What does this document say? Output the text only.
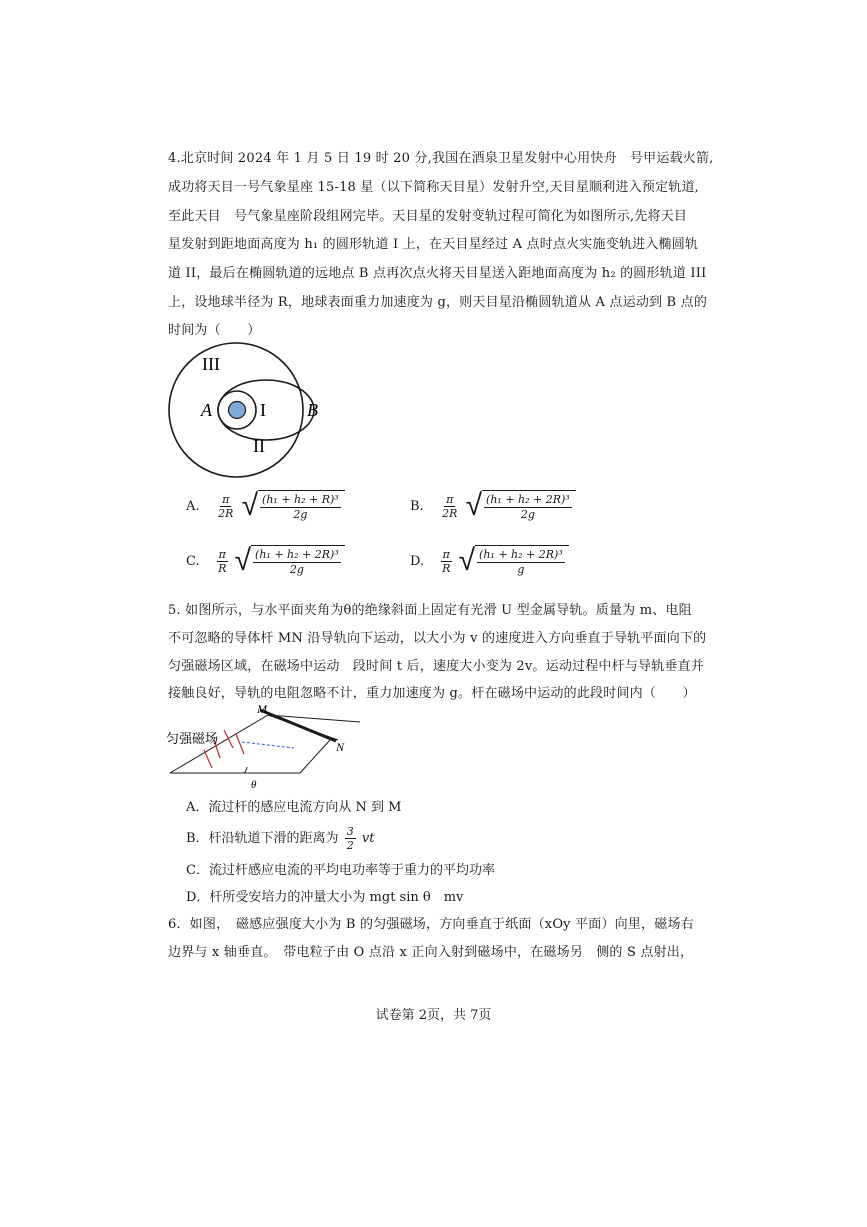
4.北京时间 2024 年 1 月 5 日 19 时 20 分,我国在酒泉卫星发射中心用快舟　号甲运载火箭,
成功将天目一号气象星座 15-18 星（以下简称天目星）发射升空,天目星顺利进入预定轨道,
至此天目　号气象星座阶段组网完毕。天目星的发射变轨过程可简化为如图所示,先将天目
星发射到距地面高度为 h₁ 的圆形轨道 I 上，在天目星经过 A 点时点火实施变轨进入椭圆轨
道 II，最后在椭圆轨道的远地点 B 点再次点火将天目星送入距地面高度为 h₂ 的圆形轨道 III
上，设地球半径为 R，地球表面重力加速度为 g，则天目星沿椭圆轨道从 A 点运动到 B 点的
时间为（　　）
III
I
II
A	B
A. $\frac{\pi}{2R}$
√ (h₁ + h₂ + R)³
2g
B. $\frac{\pi}{2R}$
√ (h₁ + h₂ + 2R)³
2g
C. $\frac{\pi}{R}$
√ (h₁ + h₂ + 2R)³
2g
D. $\frac{\pi}{R}$
√ (h₁ + h₂ + 2R)³
g
5. 如图所示，与水平面夹角为θ的绝缘斜面上固定有光滑 U 型金属导轨。质量为 m、电阻
不可忽略的导体杆 MN 沿导轨向下运动，以大小为 v 的速度进入方向垂直于导轨平面向下的
匀强磁场区域，在磁场中运动　段时间 t 后，速度大小变为 2v。运动过程中杆与导轨垂直并
接触良好，导轨的电阻忽略不计，重力加速度为 g。杆在磁场中运动的此段时间内（　　）
匀强磁场
M
N
θ
A．流过杆的感应电流方向从 N 到 M
B．杆沿轨道下滑的距离为 $\frac{3}{2}$ vt
C．流过杆感应电流的平均电功率等于重力的平均功率
D．杆所受安培力的冲量大小为 mgt sin θ　mv
6．如图，　磁感应强度大小为 B 的匀强磁场，方向垂直于纸面（xOy 平面）向里，磁场右
边界与 x 轴垂直。　带电粒子由 O 点沿 x 正向入射到磁场中，在磁场另　侧的 S 点射出，
试卷第 2页，共 7页
